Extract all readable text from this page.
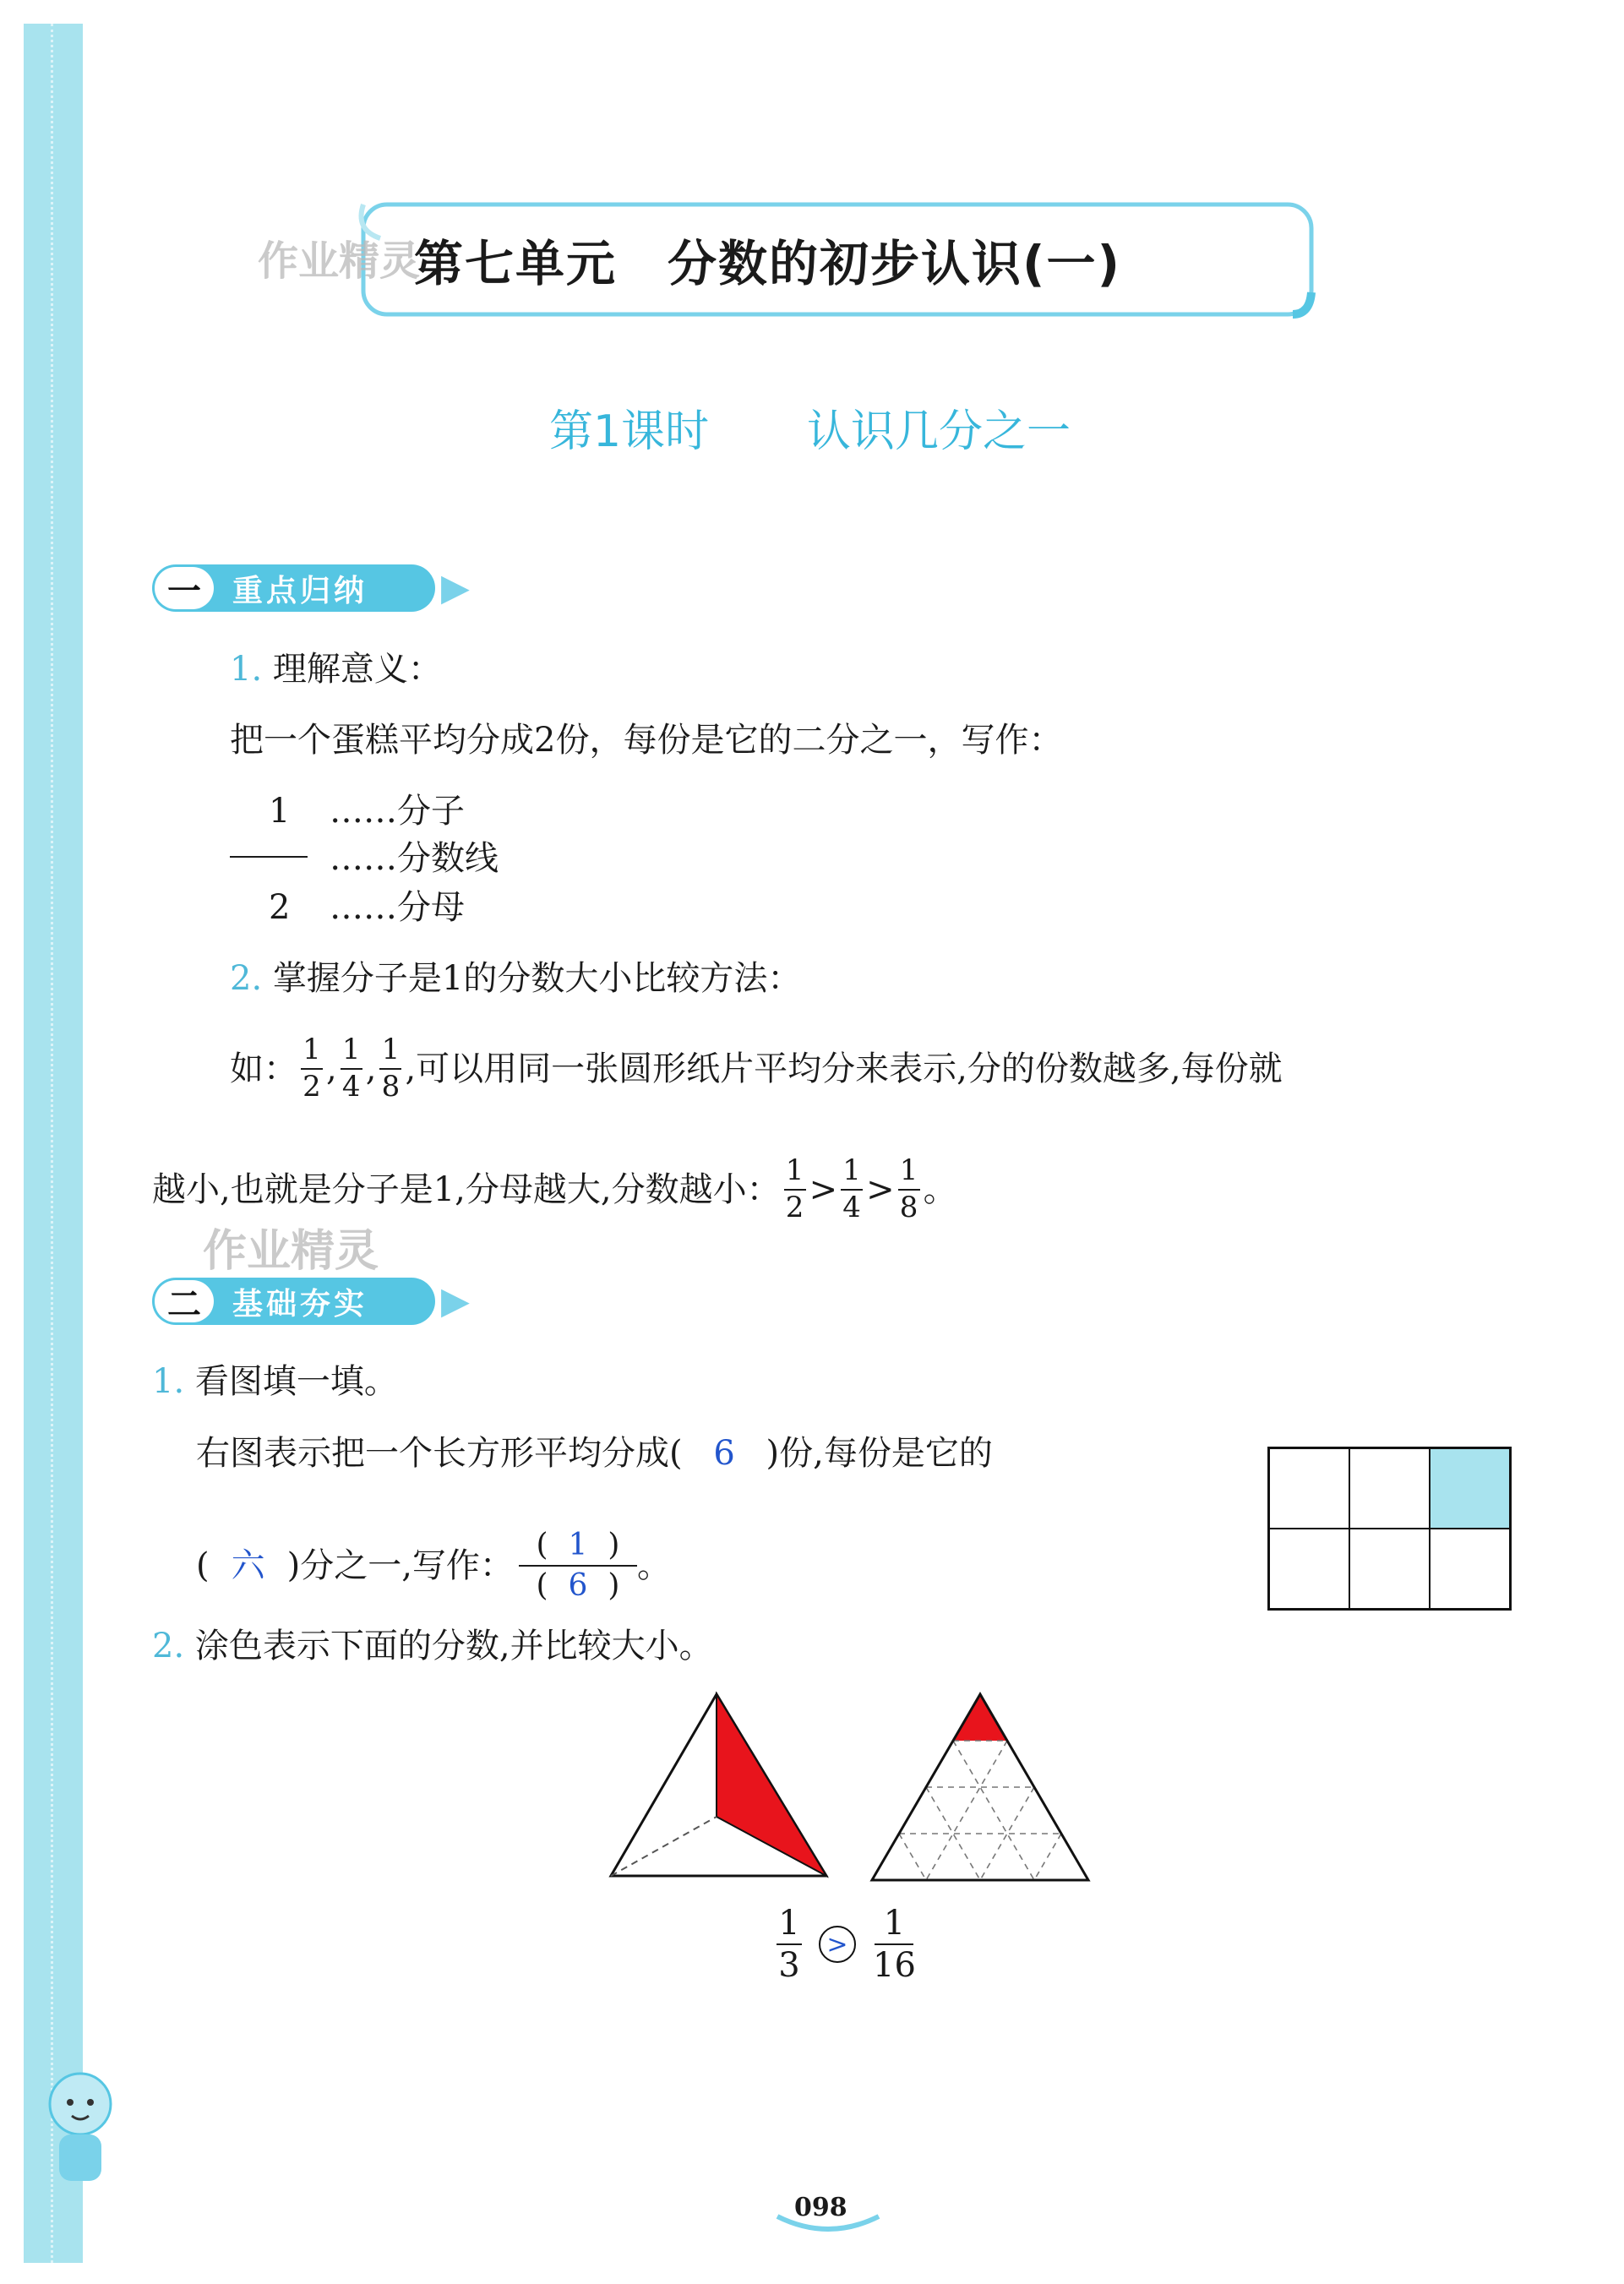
作业精灵
第七单元　分数的初步认识(一)
第1课时 认识几分之一
一	重点归纳 ▶
1. 理解意义：
把一个蛋糕平均分成2份，每份是它的二分之一，写作：
1
2
……分子
……分数线
……分母
2. 掌握分子是1的分数大小比较方法：
如： $\frac{1}{2}$ , $\frac{1}{4}$ , $\frac{1}{8}$ ,可以用同一张圆形纸片平均分来表示,分的份数越多,每份就
越小,也就是分子是1,分母越大,分数越小： $\frac{1}{2} > \frac{1}{4} > \frac{1}{8}$ 。
作业精灵
二	基础夯实 ▶
1. 看图填一填。
右图表示把一个长方形平均分成( 6 )份,每份是它的
( 六 )分之一,写作：
( 1 )
( 6 )
。
2. 涂色表示下面的分数,并比较大小。
$\frac{1}{3} > \frac{1}{16}$
098
